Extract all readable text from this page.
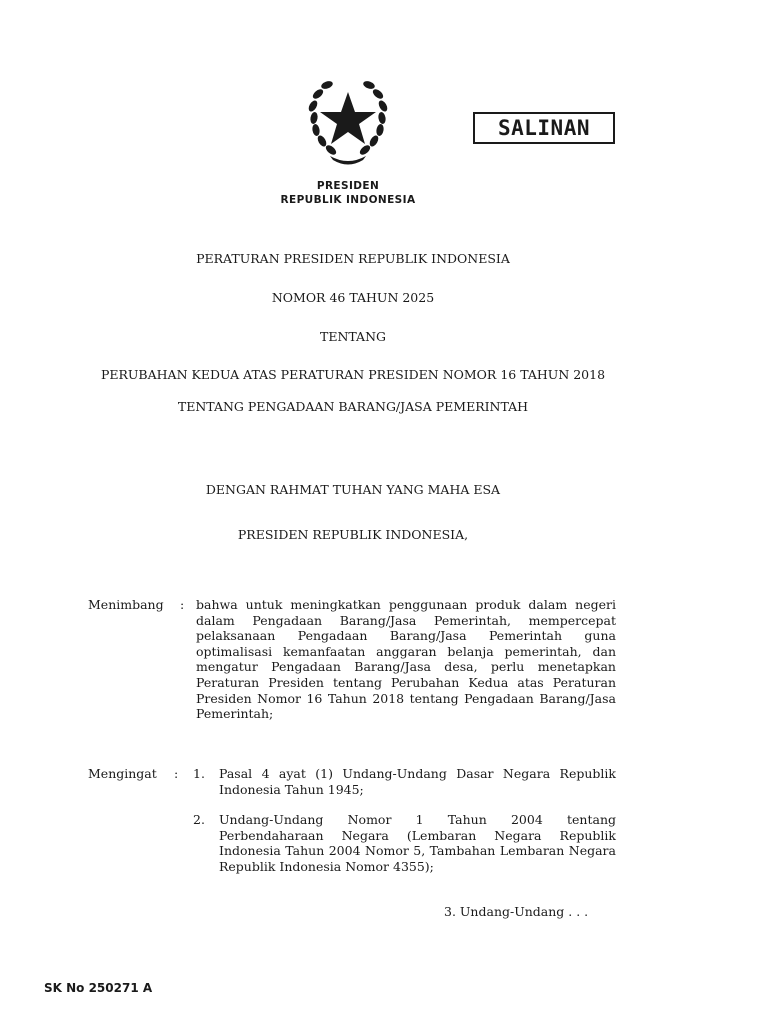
SALINAN
PRESIDEN
REPUBLIK INDONESIA
PERATURAN PRESIDEN REPUBLIK INDONESIA
NOMOR 46 TAHUN 2025
TENTANG
PERUBAHAN KEDUA ATAS PERATURAN PRESIDEN NOMOR 16 TAHUN 2018
TENTANG PENGADAAN BARANG/JASA PEMERINTAH
DENGAN RAHMAT TUHAN YANG MAHA ESA
PRESIDEN REPUBLIK INDONESIA,
Menimbang : bahwa untuk meningkatkan penggunaan produk dalam negeri dalam Pengadaan Barang/Jasa Pemerintah, mempercepat pelaksanaan Pengadaan Barang/Jasa Pemerintah guna optimalisasi kemanfaatan anggaran belanja pemerintah, dan mengatur Pengadaan Barang/Jasa desa, perlu menetapkan Peraturan Presiden tentang Perubahan Kedua atas Peraturan Presiden Nomor 16 Tahun 2018 tentang Pengadaan Barang/Jasa Pemerintah;
Mengingat : 1. Pasal 4 ayat (1) Undang-Undang Dasar Negara Republik Indonesia Tahun 1945;
2. Undang-Undang Nomor 1 Tahun 2004 tentang Perbendaharaan Negara (Lembaran Negara Republik Indonesia Tahun 2004 Nomor 5, Tambahan Lembaran Negara Republik Indonesia Nomor 4355);
3. Undang-Undang . . .
SK No 250271 A
